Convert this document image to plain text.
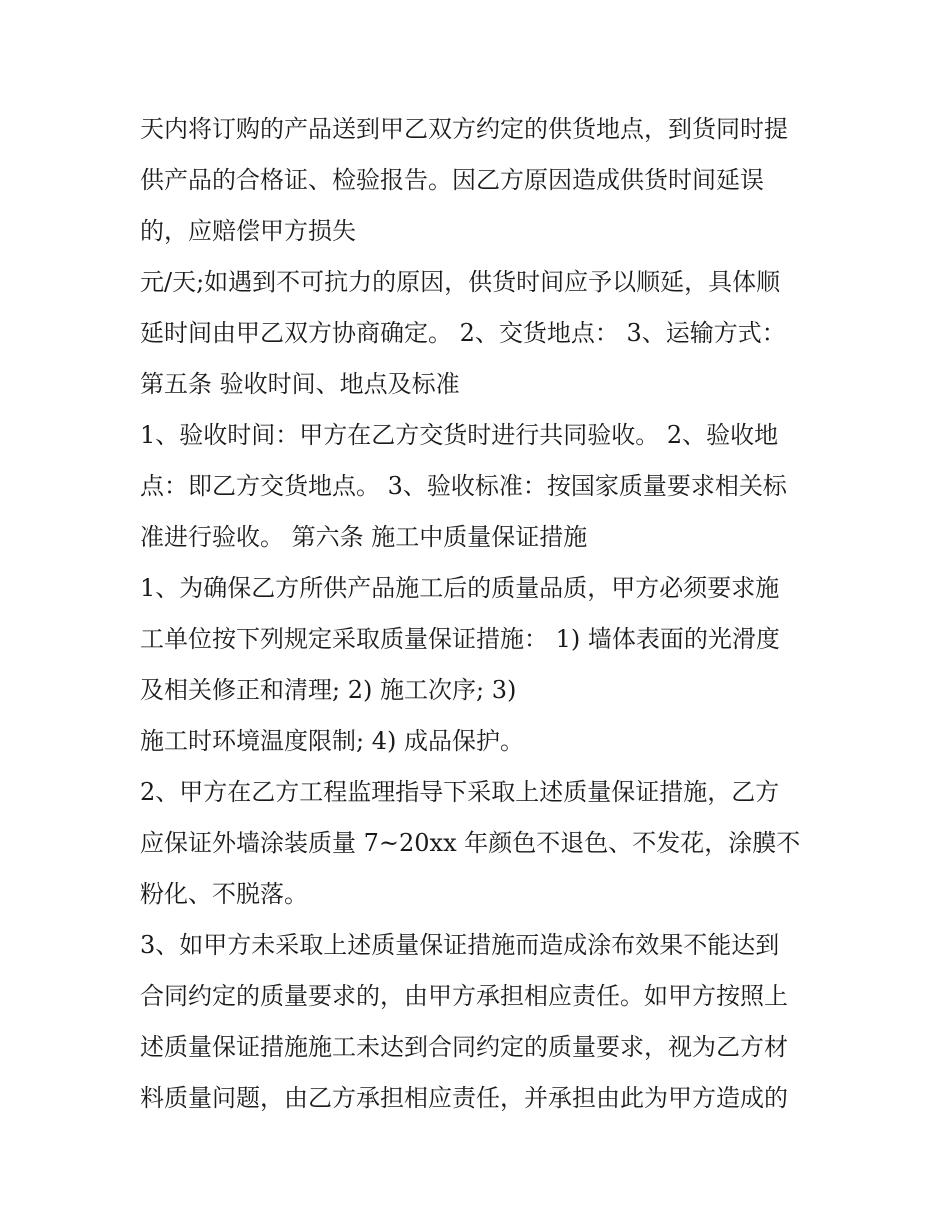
天内将订购的产品送到甲乙双方约定的供货地点，到货同时提
供产品的合格证、检验报告。因乙方原因造成供货时间延误
的，应赔偿甲方损失
元/天;如遇到不可抗力的原因，供货时间应予以顺延，具体顺
延时间由甲乙双方协商确定。 2、交货地点： 3、运输方式：
第五条 验收时间、地点及标准
1、验收时间：甲方在乙方交货时进行共同验收。 2、验收地
点：即乙方交货地点。 3、验收标准：按国家质量要求相关标
准进行验收。 第六条 施工中质量保证措施
1、为确保乙方所供产品施工后的质量品质，甲方必须要求施
工单位按下列规定采取质量保证措施： 1) 墙体表面的光滑度
及相关修正和清理; 2) 施工次序; 3)
施工时环境温度限制; 4) 成品保护。
2、甲方在乙方工程监理指导下采取上述质量保证措施，乙方
应保证外墙涂装质量 7~20xx 年颜色不退色、不发花，涂膜不
粉化、不脱落。
3、如甲方未采取上述质量保证措施而造成涂布效果不能达到
合同约定的质量要求的，由甲方承担相应责任。如甲方按照上
述质量保证措施施工未达到合同约定的质量要求，视为乙方材
料质量问题，由乙方承担相应责任，并承担由此为甲方造成的
